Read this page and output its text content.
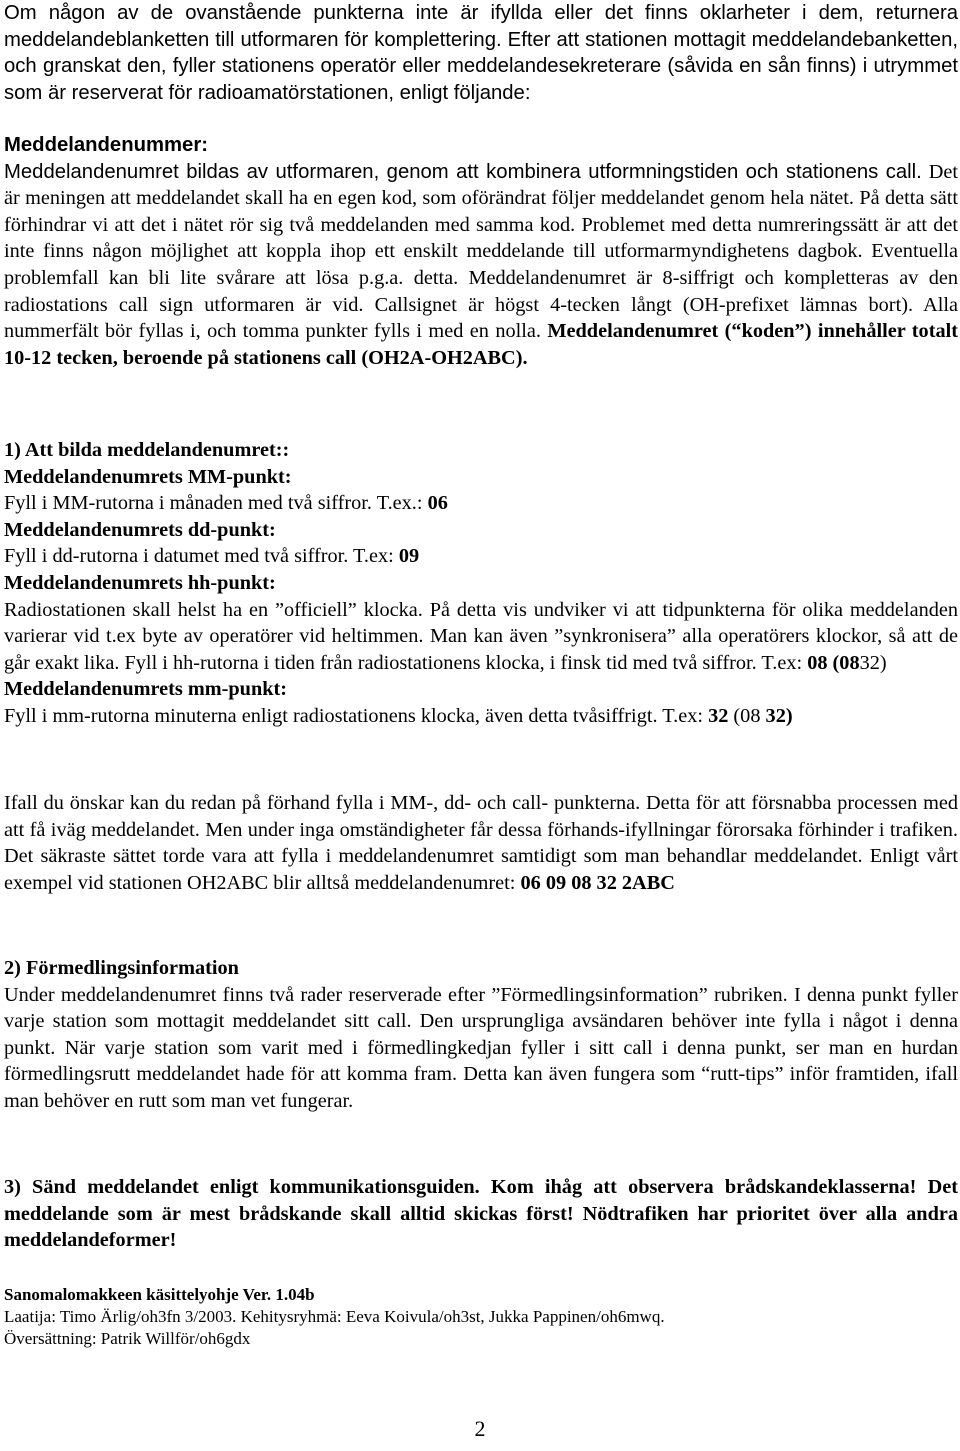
Om någon av de ovanstående punkterna inte är ifyllda eller det finns oklarheter i dem, returnera meddelandeblanketten till utformaren för komplettering. Efter att stationen mottagit meddelandebanketten, och granskat den, fyller stationens operatör eller meddelandesekreterare (såvida en sån finns) i utrymmet som är reserverat för radioamatörstationen, enligt följande:

Meddelandenummer:

Meddelandenumret bildas av utformaren, genom att kombinera utformningstiden och stationens call. Det är meningen att meddelandet skall ha en egen kod, som oförändrat följer meddelandet genom hela nätet. På detta sätt förhindrar vi att det i nätet rör sig två meddelanden med samma kod. Problemet med detta numreringssätt är att det inte finns någon möjlighet att koppla ihop ett enskilt meddelande till utformarmyndighetens dagbok. Eventuella problemfall kan bli lite svårare att lösa p.g.a. detta. Meddelandenumret är 8-siffrigt och kompletteras av den radiostations call sign utformaren är vid. Callsignet är högst 4-tecken långt (OH-prefixet lämnas bort). Alla nummerfält bör fyllas i, och tomma punkter fylls i med en nolla. Meddelandenumret (“koden”) innehåller totalt 10-12 tecken, beroende på stationens call (OH2A-OH2ABC).

1) Att bilda meddelandenumret::

Meddelandenumrets MM-punkt:

Fyll i MM-rutorna i månaden med två siffror. T.ex.: 06

Meddelandenumrets dd-punkt:

Fyll i dd-rutorna i datumet med två siffror. T.ex: 09

Meddelandenumrets hh-punkt:

Radiostationen skall helst ha en ”officiell” klocka. På detta vis undviker vi att tidpunkterna för olika meddelanden varierar vid t.ex byte av operatörer vid heltimmen. Man kan även ”synkronisera” alla operatörers klockor, så att de går exakt lika. Fyll i hh-rutorna i tiden från radiostationens klocka, i finsk tid med två siffror. T.ex: 08 (0832)

Meddelandenumrets mm-punkt:

Fyll i mm-rutorna minuterna enligt radiostationens klocka, även detta tvåsiffrigt. T.ex: 32 (08 32)

Ifall du önskar kan du redan på förhand fylla i MM-, dd- och call- punkterna. Detta för att försnabba processen med att få iväg meddelandet. Men under inga omständigheter får dessa förhands-ifyllningar förorsaka förhinder i trafiken. Det säkraste sättet torde vara att fylla i meddelandenumret samtidigt som man behandlar meddelandet. Enligt vårt exempel vid stationen OH2ABC blir alltså meddelandenumret: 06 09 08 32 2ABC

2) Förmedlingsinformation

Under meddelandenumret finns två rader reserverade efter ”Förmedlingsinformation” rubriken. I denna punkt fyller varje station som mottagit meddelandet sitt call. Den ursprungliga avsändaren behöver inte fylla i något i denna punkt. När varje station som varit med i förmedlingkedjan fyller i sitt call i denna punkt, ser man en hurdan förmedlingsrutt meddelandet hade för att komma fram. Detta kan även fungera som “rutt-tips” inför framtiden, ifall man behöver en rutt som man vet fungerar.

3) Sänd meddelandet enligt kommunikationsguiden. Kom ihåg att observera brådskandeklasserna! Det meddelande som är mest brådskande skall alltid skickas först! Nödtrafiken har prioritet över alla andra meddelandeformer!

Sanomalomakkeen käsittelyohje Ver. 1.04b

Laatija: Timo Ärlig/oh3fn 3/2003. Kehitysryhmä: Eeva Koivula/oh3st, Jukka Pappinen/oh6mwq.

Översättning: Patrik Willför/oh6gdx

2
